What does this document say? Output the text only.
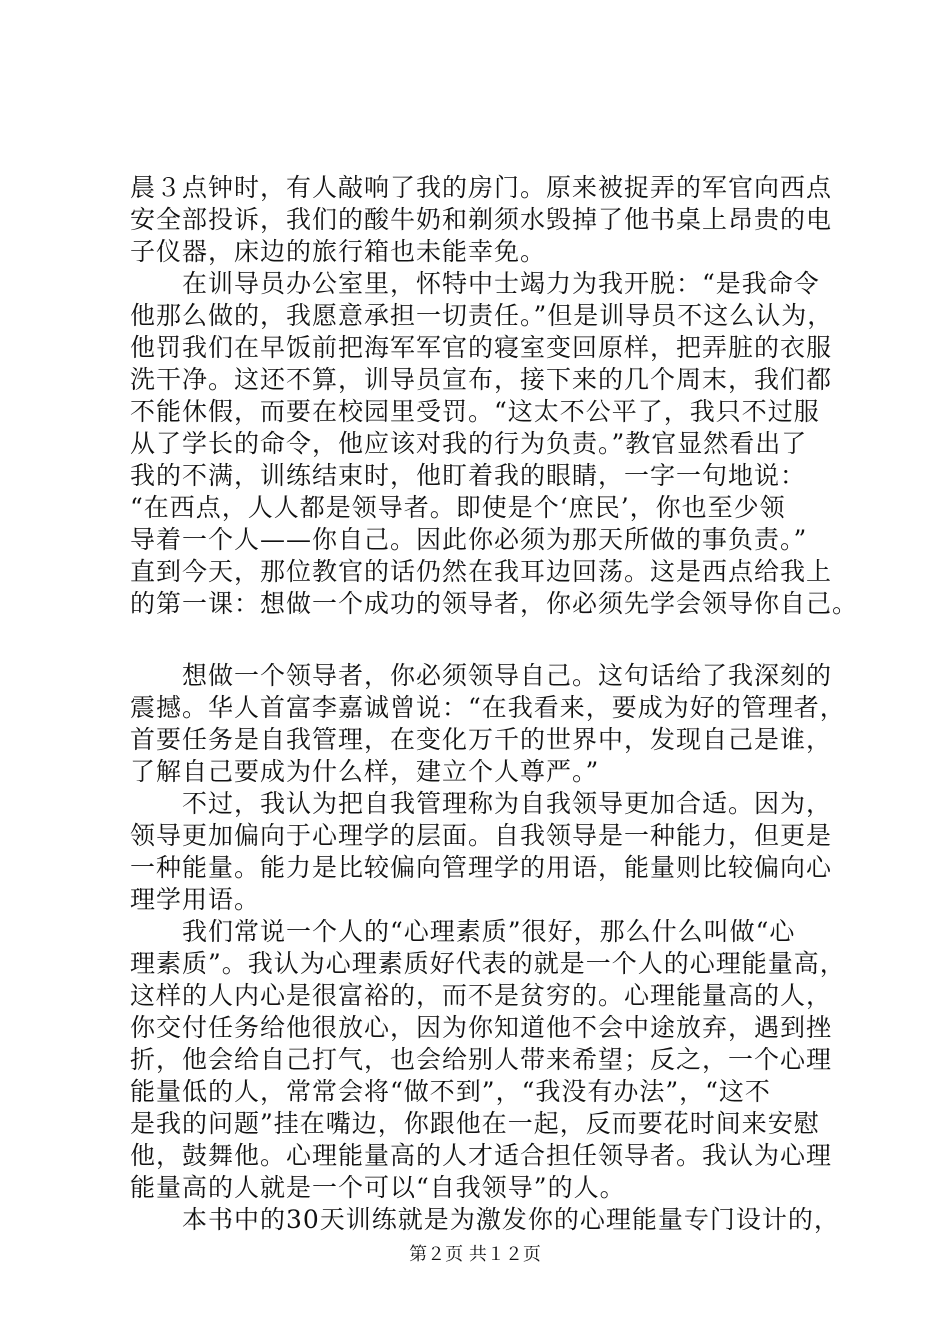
晨３点钟时，有人敲响了我的房门。原来被捉弄的军官向西点
安全部投诉，我们的酸牛奶和剃须水毁掉了他书桌上昂贵的电
子仪器，床边的旅行箱也未能幸免。
　　在训导员办公室里，怀特中士竭力为我开脱：“是我命令
他那么做的，我愿意承担一切责任。”但是训导员不这么认为，
他罚我们在早饭前把海军军官的寝室变回原样，把弄脏的衣服
洗干净。这还不算，训导员宣布，接下来的几个周末，我们都
不能休假，而要在校园里受罚。“这太不公平了，我只不过服
从了学长的命令，他应该对我的行为负责。”教官显然看出了
我的不满，训练结束时，他盯着我的眼睛，一字一句地说：
“在西点，人人都是领导者。即使是个‘庶民’，你也至少领
导着一个人——你自己。因此你必须为那天所做的事负责。”
直到今天，那位教官的话仍然在我耳边回荡。这是西点给我上
的第一课：想做一个成功的领导者，你必须先学会领导你自己。
　　想做一个领导者，你必须领导自己。这句话给了我深刻的
震撼。华人首富李嘉诚曾说：“在我看来，要成为好的管理者，
首要任务是自我管理，在变化万千的世界中，发现自己是谁，
了解自己要成为什么样，建立个人尊严。”
　　不过，我认为把自我管理称为自我领导更加合适。因为，
领导更加偏向于心理学的层面。自我领导是一种能力，但更是
一种能量。能力是比较偏向管理学的用语，能量则比较偏向心
理学用语。
　　我们常说一个人的“心理素质”很好，那么什么叫做“心
理素质”。我认为心理素质好代表的就是一个人的心理能量高，
这样的人内心是很富裕的，而不是贫穷的。心理能量高的人，
你交付任务给他很放心，因为你知道他不会中途放弃，遇到挫
折，他会给自己打气，也会给别人带来希望；反之，一个心理
能量低的人，常常会将“做不到”，“我没有办法”，“这不
是我的问题”挂在嘴边，你跟他在一起，反而要花时间来安慰
他，鼓舞他。心理能量高的人才适合担任领导者。我认为心理
能量高的人就是一个可以“自我领导”的人。
　　本书中的30天训练就是为激发你的心理能量专门设计的，
第２页 共１２页
